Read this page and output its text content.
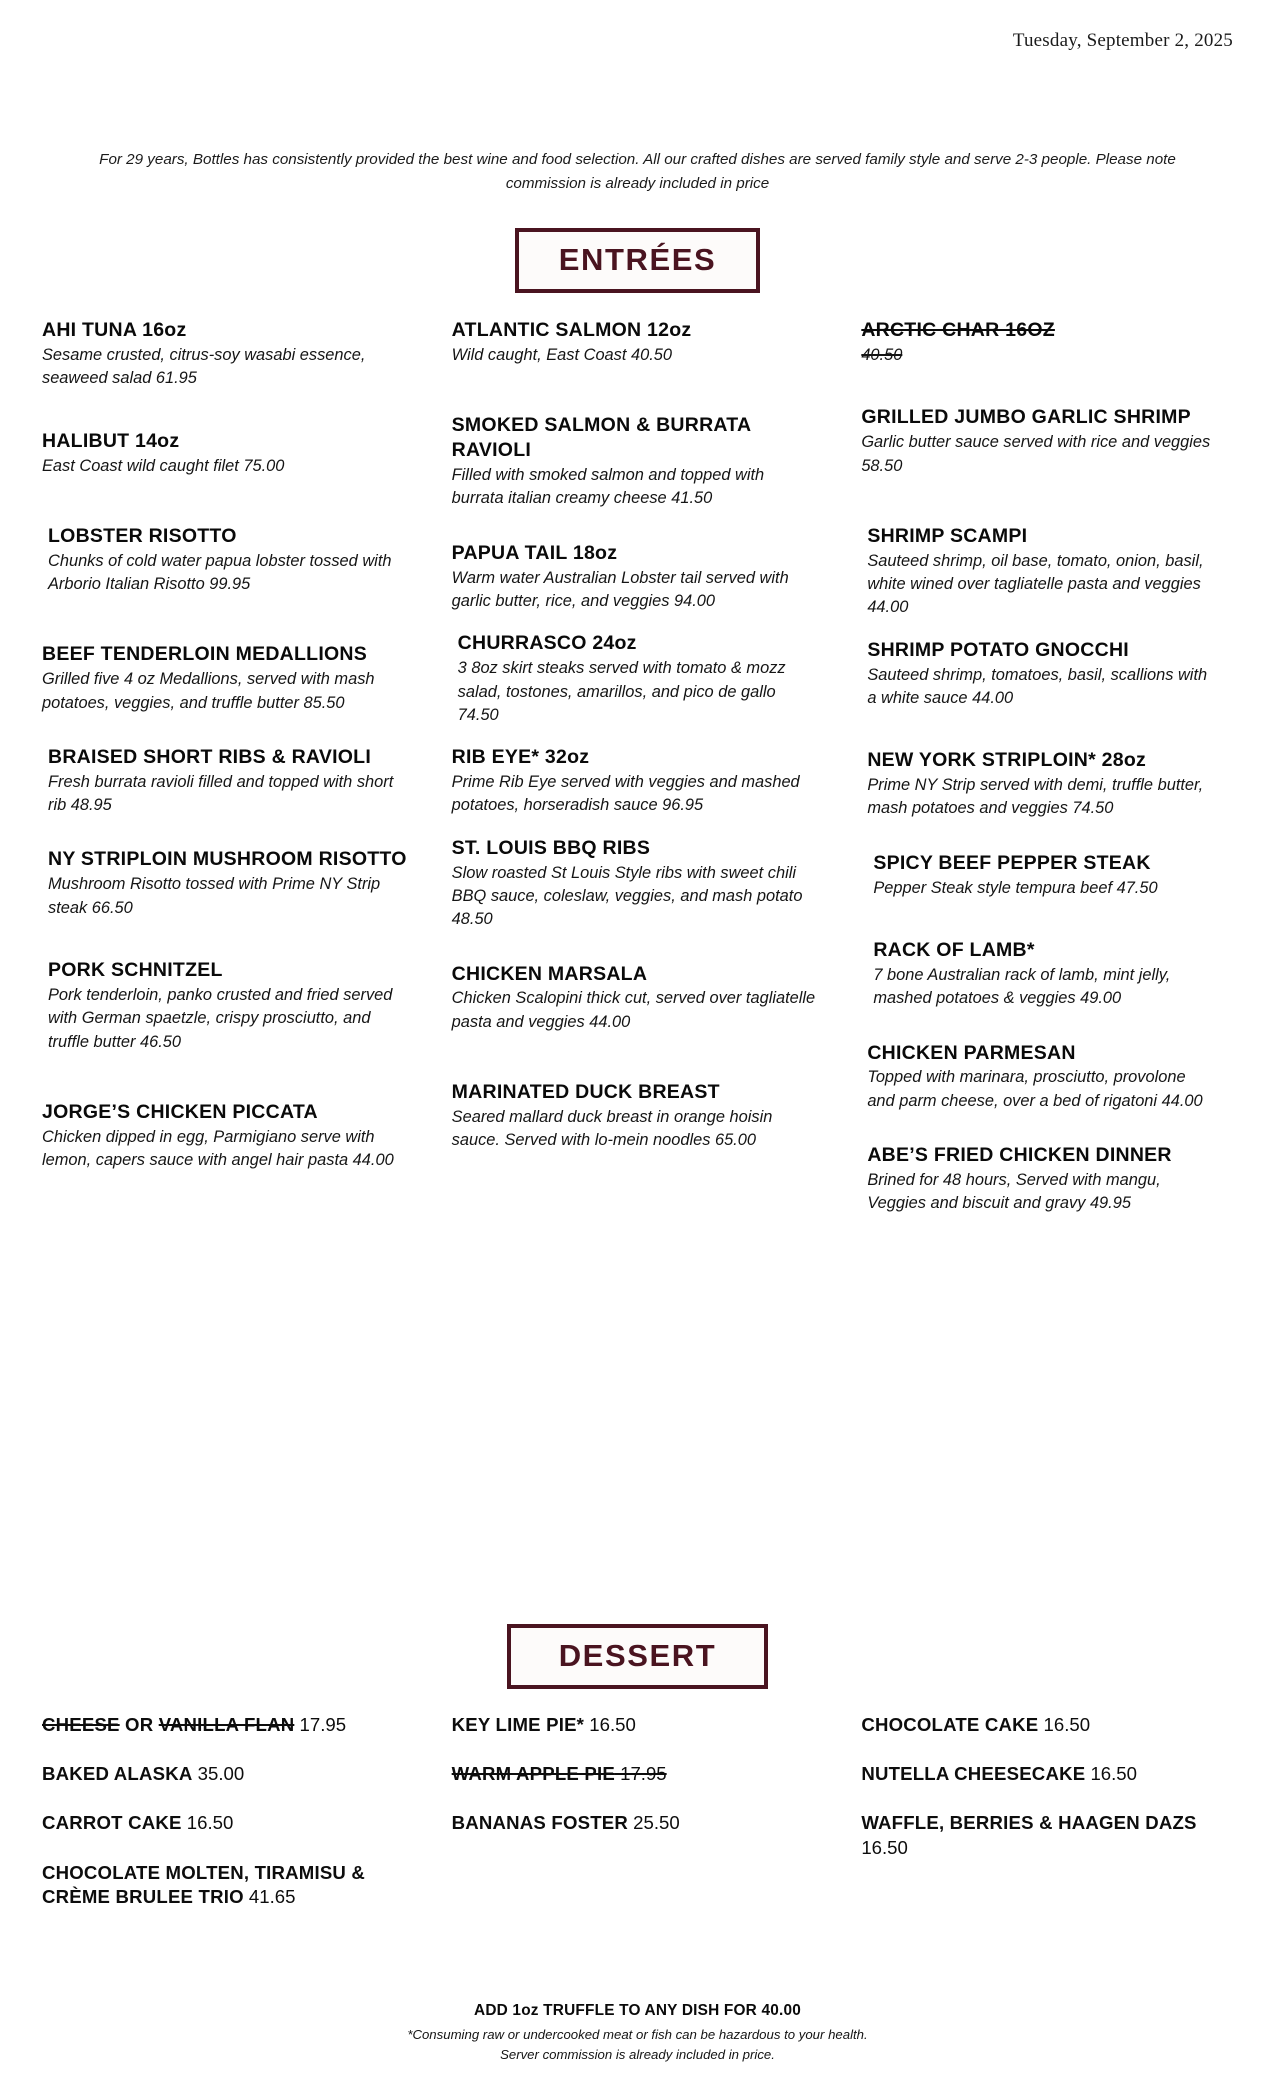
Tuesday, September 2, 2025
For 29 years, Bottles has consistently provided the best wine and food selection. All our crafted dishes are served family style and serve 2-3 people. Please note commission is already included in price
ENTRÉES
AHI TUNA 16oz
Sesame crusted, citrus-soy wasabi essence, seaweed salad 61.95
HALIBUT 14oz
East Coast wild caught filet 75.00
LOBSTER RISOTTO
Chunks of cold water papua lobster tossed with Arborio Italian Risotto 99.95
BEEF TENDERLOIN MEDALLIONS
Grilled five 4 oz Medallions, served with mash potatoes, veggies, and truffle butter 85.50
BRAISED SHORT RIBS & RAVIOLI
Fresh burrata ravioli filled and topped with short rib 48.95
NY STRIPLOIN MUSHROOM RISOTTO
Mushroom Risotto tossed with Prime NY Strip steak 66.50
PORK SCHNITZEL
Pork tenderloin, panko crusted and fried served with German spaetzle, crispy prosciutto, and truffle butter 46.50
JORGE’S CHICKEN PICCATA
Chicken dipped in egg, Parmigiano serve with lemon, capers sauce with angel hair pasta 44.00
ATLANTIC SALMON 12oz
Wild caught, East Coast 40.50
SMOKED SALMON & BURRATA RAVIOLI
Filled with smoked salmon and topped with burrata italian creamy cheese 41.50
PAPUA TAIL 18oz
Warm water Australian Lobster tail served with garlic butter, rice, and veggies 94.00
CHURRASCO 24oz
3 8oz skirt steaks served with tomato & mozz salad, tostones, amarillos, and pico de gallo 74.50
RIB EYE* 32oz
Prime Rib Eye served with veggies and mashed potatoes, horseradish sauce 96.95
ST. LOUIS BBQ RIBS
Slow roasted St Louis Style ribs with sweet chili BBQ sauce, coleslaw, veggies, and mash potato 48.50
CHICKEN MARSALA
Chicken Scalopini thick cut, served over tagliatelle pasta and veggies 44.00
MARINATED DUCK BREAST
Seared mallard duck breast in orange hoisin sauce. Served with lo-mein noodles 65.00
ARCTIC CHAR 16OZ
40.50
GRILLED JUMBO GARLIC SHRIMP
Garlic butter sauce served with rice and veggies 58.50
SHRIMP SCAMPI
Sauteed shrimp, oil base, tomato, onion, basil, white wined over tagliatelle pasta and veggies 44.00
SHRIMP POTATO GNOCCHI
Sauteed shrimp, tomatoes, basil, scallions with a white sauce 44.00
NEW YORK STRIPLOIN* 28oz
Prime NY Strip served with demi, truffle butter, mash potatoes and veggies 74.50
SPICY BEEF PEPPER STEAK
Pepper Steak style tempura beef 47.50
RACK OF LAMB*
7 bone Australian rack of lamb, mint jelly, mashed potatoes & veggies 49.00
CHICKEN PARMESAN
Topped with marinara, prosciutto, provolone and parm cheese, over a bed of rigatoni 44.00
ABE’S FRIED CHICKEN DINNER
Brined for 48 hours, Served with mangu, Veggies and biscuit and gravy 49.95
DESSERT
CHEESE OR VANILLA FLAN 17.95
BAKED ALASKA 35.00
CARROT CAKE 16.50
CHOCOLATE MOLTEN, TIRAMISU & CRÈME BRULEE TRIO 41.65
KEY LIME PIE* 16.50
WARM APPLE PIE 17.95
BANANAS FOSTER 25.50
CHOCOLATE CAKE 16.50
NUTELLA CHEESECAKE 16.50
WAFFLE, BERRIES & HAAGEN DAZS 16.50
ADD 1oz TRUFFLE TO ANY DISH FOR 40.00
*Consuming raw or undercooked meat or fish can be hazardous to your health.
Server commission is already included in price.
